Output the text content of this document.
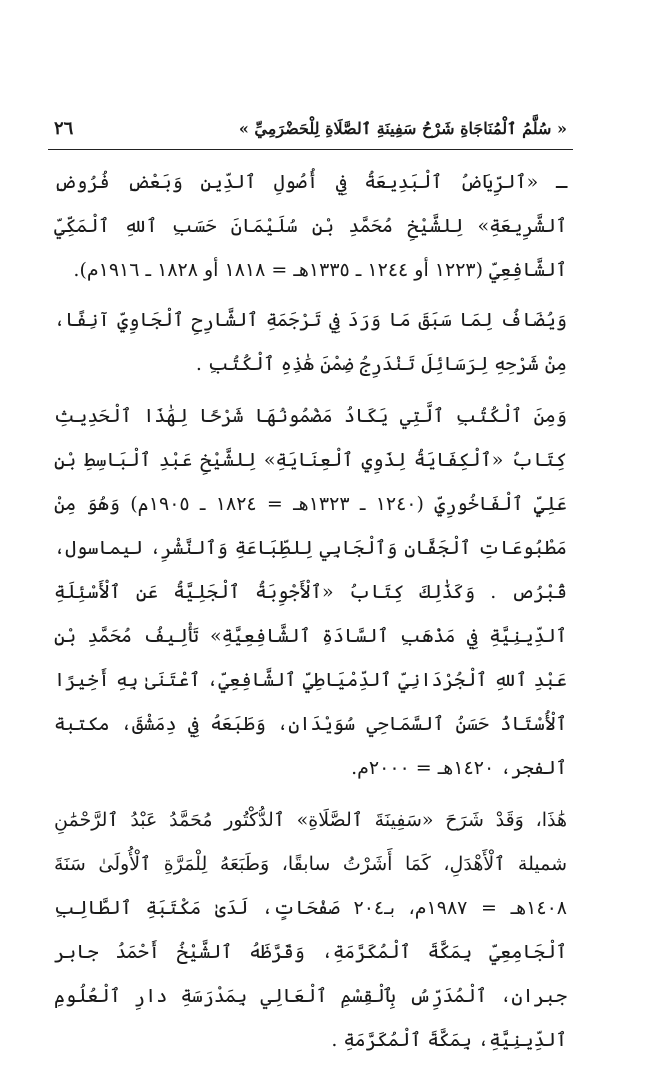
« سُلَّمُ ٱلْمُنَاجَاةِ شَرْحُ سَفِينَةِ ٱلصَّلَاةِ لِلْحَضْرَمِيِّ »
٢٦

ـ «ٱلرِّيَاضُ ٱلْبَدِيعَةُ فِي أُصُولِ ٱلدِّينِ وَبَعْضِ فُرُوضِ ٱلشَّرِيعَةِ» لِلشَّيْخِ مُحَمَّدِ بْنِ سُلَيْمَانَ حَسَبِ ٱللهِ ٱلْمَكِّيِّ ٱلشَّافِعِيِّ (١٢٢٣ أو ١٢٤٤ ـ ١٣٣٥هـ = ١٨١٨ أو ١٨٢٨ ـ ١٩١٦م).

وَيُضَافُ لِمَا سَبَقَ مَا وَرَدَ فِي تَرْجَمَةِ ٱلشَّارِحِ ٱلْجَاوِيِّ آنِفًا، مِنْ شَرْحِهِ لِرَسَائِلَ تَنْدَرِجُ ضِمْنَ هَٰذِهِ ٱلْكُتُبِ .

وَمِنَ ٱلْكُتُبِ ٱلَّتِي يَكَادُ مَضْمُونُهَا شَرْحًا لِهَٰذَا ٱلْحَدِيثِ كِتَابُ «ٱلْكِفَايَةُ لِذَوِي ٱلْعِنَايَةِ» لِلشَّيْخِ عَبْدِ ٱلْبَاسِطِ بْنِ عَلِيٍّ ٱلْفَاخُورِيِّ (١٢٤٠ ـ ١٣٢٣هـ = ١٨٢٤ ـ ١٩٠٥م) وَهُوَ مِنْ مَطْبُوعَاتِ ٱلْجَفَّانِ وَٱلْجَابِي لِلطِّبَاعَةِ وَٱلنَّشْرِ، ليماسول، قُبْرُص . وَكَذَٰلِكَ كِتَابُ «ٱلْأَجْوِبَةُ ٱلْجَلِيَّةُ عَنِ ٱلْأَسْئِلَةِ ٱلدِّينِيَّةِ فِي مَذْهَبِ ٱلسَّادَةِ ٱلشَّافِعِيَّةِ» تَأْلِيفُ مُحَمَّدِ بْنِ عَبْدِ ٱللهِ ٱلْجُرْدَانِيِّ ٱلدِّمْيَاطِيِّ ٱلشَّافِعِيِّ، ٱعْتَنَىٰ بِهِ أَخِيرًا ٱلْأُسْتَاذُ حَسَنُ ٱلسَّمَاحِي سُوَيْدَان، وَطَبَعَهُ فِي دِمَشْقَ، مكتبة ٱلفجر، ١٤٢٠هـ = ٢٠٠٠م.

هَٰذَا، وَقَدْ شَرَحَ «سَفِينَةَ ٱلصَّلَاةِ» ٱلدُّكْتُور مُحَمَّدُ عَبْدُ ٱلرَّحْمَٰنِ شميلة ٱلْأَهْدَلِ، كَمَا أَشَرْتُ سابقًا، وَطَبَعَهُ لِلْمَرَّةِ ٱلْأُولَىٰ سَنَةَ ١٤٠٨هـ = ١٩٨٧م، بـ٢٠٤ صَفْحَاتٍ، لَدَىٰ مَكْتَبَةِ ٱلطَّالِبِ ٱلْجَامِعِيِّ بِمَكَّةَ ٱلْمُكَرَّمَةِ، وَقَرَّظَهُ ٱلشَّيْخُ أَحْمَدُ جابر جبران، ٱلْمُدَرِّسُ بِٱلْقِسْمِ ٱلْعَالِي بِمَدْرَسَةِ دارِ ٱلْعُلُومِ ٱلدِّينِيَّةِ، بِمَكَّةَ ٱلْمُكَرَّمَةِ .
